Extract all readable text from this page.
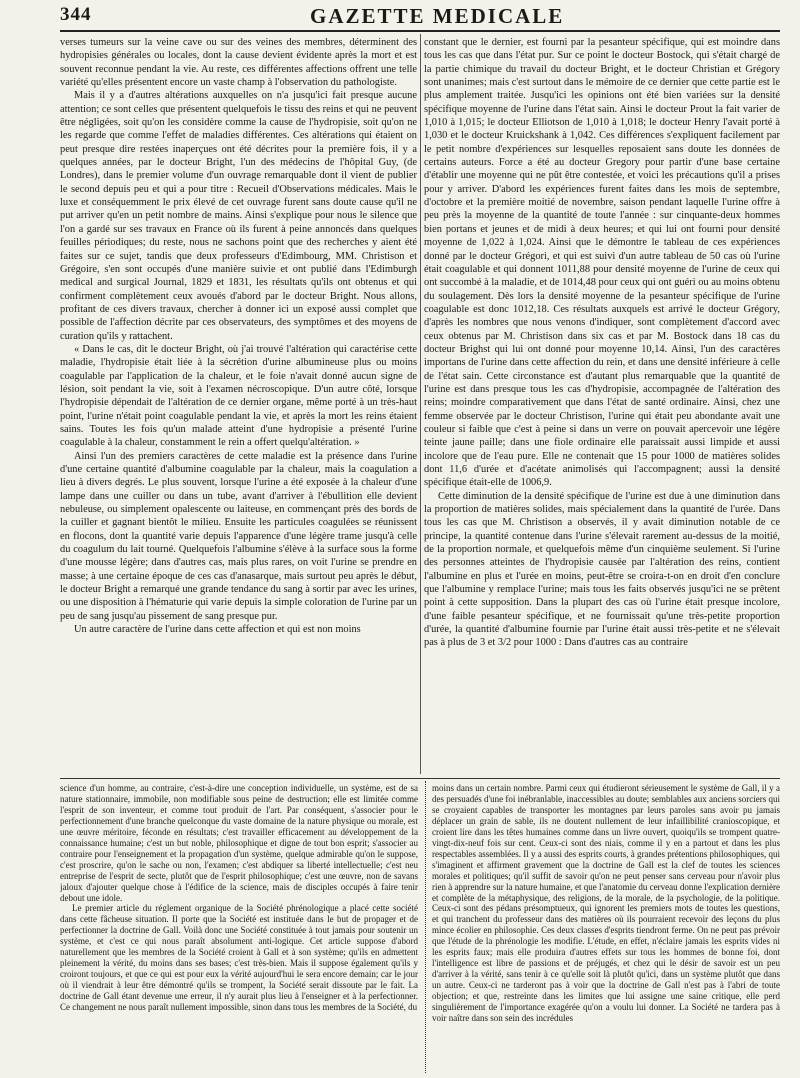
344	GAZETTE MEDICALE

verses tumeurs sur la veine cave ou sur des veines des membres, déterminent des hydropisies générales ou locales, dont la cause devient évidente après la mort et est souvent reconnue pendant la vie. Au reste, ces différentes affections offrent une telle variété qu'elles présentent encore un vaste champ à l'observation du pathologiste.

Mais il y a d'autres altérations auxquelles on n'a jusqu'ici fait presque aucune attention; ce sont celles que présentent quelquefois le tissu des reins et qui ne peuvent être négligées, soit qu'on les considère comme la cause de l'hydropisie, soit qu'on ne les regarde que comme l'effet de maladies différentes. Ces altérations qui étaient on peut presque dire restées inaperçues ont été décrites pour la première fois, il y a quelques années, par le docteur Bright, l'un des médecins de l'hôpital Guy, (de Londres), dans le premier volume d'un ouvrage remarquable dont il vient de publier le second depuis peu et qui a pour titre : Recueil d'Observations médicales. Mais le luxe et conséquemment le prix élevé de cet ouvrage furent sans doute cause qu'il ne put arriver qu'en un petit nombre de mains. Ainsi s'explique pour nous le silence que l'on a gardé sur ses travaux en France où ils furent à peine annoncés dans quelques feuilles périodiques; du reste, nous ne sachons point que des recherches y aient été faites sur ce sujet, tandis que deux professeurs d'Edimbourg, MM. Christison et Grégoire, s'en sont occupés d'une manière suivie et ont publié dans l'Edimburgh medical and surgical Journal, 1829 et 1831, les résultats qu'ils ont obtenus et qui confirment complètement ceux avoués d'abord par le docteur Bright. Nous allons, profitant de ces divers travaux, chercher à donner ici un exposé aussi complet que possible de l'affection décrite par ces observateurs, des symptômes et des moyens de curation qu'ils y rattachent.

« Dans le cas, dit le docteur Bright, où j'ai trouvé l'altération qui caractérise cette maladie, l'hydropisie était liée à la sécrétion d'urine albumineuse plus ou moins coagulable par l'application de la chaleur, et le foie n'avait donné aucun signe de lésion, soit pendant la vie, soit à l'examen nécroscopique. D'un autre côté, lorsque l'hydropisie dépendait de l'altération de ce dernier organe, même porté à un très-haut point, l'urine n'était point coagulable pendant la vie, et après la mort les reins étaient sains. Toutes les fois qu'un malade atteint d'une hydropisie a présenté l'urine coagulable à la chaleur, constamment le rein a offert quelqu'altération. »

Ainsi l'un des premiers caractères de cette maladie est la présence dans l'urine d'une certaine quantité d'albumine coagulable par la chaleur, mais la coagulation a lieu à divers degrés. Le plus souvent, lorsque l'urine a été exposée à la chaleur d'une lampe dans une cuiller ou dans un tube, avant d'arriver à l'ébullition elle devient nebuleuse, ou simplement opalescente ou laiteuse, en commençant près des bords de la cuiller et gagnant bientôt le milieu. Ensuite les particules coagulées se réunissent en flocons, dont la quantité varie depuis l'apparence d'une légère trame jusqu'à celle du coagulum du lait tourné. Quelquefois l'albumine s'élève à la surface sous la forme d'une mousse légère; dans d'autres cas, mais plus rares, on voit l'urine se prendre en masse; à une certaine époque de ces cas d'anasarque, mais surtout peu après le début, le docteur Bright a remarqué une grande tendance du sang à sortir par avec les urines, ou une disposition à l'hématurie qui varie depuis la simple coloration de l'urine par un peu de sang jusqu'au pissement de sang presque pur.

Un autre caractère de l'urine dans cette affection et qui est non moins

constant que le dernier, est fourni par la pesanteur spécifique, qui est moindre dans tous les cas que dans l'état pur. Sur ce point le docteur Bostock, qui s'était chargé de la partie chimique du travail du docteur Bright, et le docteur Christian et Grégory sont unanimes; mais c'est surtout dans le mémoire de ce dernier que cette partie est le plus amplement traitée. Jusqu'ici les opinions ont été bien variées sur la densité spécifique moyenne de l'urine dans l'état sain. Ainsi le docteur Prout la fait varier de 1,010 à 1,015; le docteur Elliotson de 1,010 à 1,018; le docteur Henry l'avait porté à 1,030 et le docteur Kruickshank à 1,042. Ces différences s'expliquent facilement par le petit nombre d'expériences sur lesquelles reposaient sans doute les données de certains auteurs. Force a été au docteur Gregory pour partir d'une base certaine d'établir une moyenne qui ne pût être contestée, et voici les précautions qu'il a prises pour y arriver. D'abord les expériences furent faites dans les mois de septembre, d'octobre et la première moitié de novembre, saison pendant laquelle l'urine offre à peu près la moyenne de la quantité de toute l'année : sur cinquante-deux hommes bien portans et jeunes et de midi à deux heures; et qui lui ont fourni pour densité moyenne de 1,022 à 1,024. Ainsi que le démontre le tableau de ces expériences donné par le docteur Grégori, et qui est suivi d'un autre tableau de 50 cas où l'urine était coagulable et qui donnent 1011,88 pour densité moyenne de l'urine de ceux qui ont succombé à la maladie, et de 1014,48 pour ceux qui ont guéri ou au moins obtenu du soulagement. Dès lors la densité moyenne de la pesanteur spécifique de l'urine coagulable est donc 1012,18. Ces résultats auxquels est arrivé le docteur Grégory, d'après les nombres que nous venons d'indiquer, sont complètement d'accord avec ceux obtenus par M. Christison dans six cas et par M. Bostock dans 18 cas du docteur Brighst qui lui ont donné pour moyenne 10,14. Ainsi, l'un des caractères importans de l'urine dans cette affection du rein, et dans une densité inférieure à celle de l'état sain. Cette circonstance est d'autant plus remarquable que la quantité de l'urine est dans presque tous les cas d'hydropisie, accompagnée de l'altération des reins; moindre comparativement que dans l'état de santé ordinaire. Ainsi, chez une femme observée par le docteur Christison, l'urine qui était peu abondante avait une couleur si faible que c'est à peine si dans un verre on pouvait apercevoir une légère teinte jaune paille; dans une fiole ordinaire elle paraissait aussi limpide et aussi incolore que de l'eau pure. Elle ne contenait que 15 pour 1000 de matières solides dont 11,6 d'urée et d'acétate animolisés qui l'accompagnent; aussi la densité spécifique était-elle de 1006,9.

Cette diminution de la densité spécifique de l'urine est due à une diminution dans la proportion de matières solides, mais spécialement dans la quantité de l'urée. Dans tous les cas que M. Christison a observés, il y avait diminution notable de ce principe, la quantité contenue dans l'urine s'élevait rarement au-dessus de la moitié, de la proportion normale, et quelquefois même d'un cinquième seulement. Si l'urine des personnes atteintes de l'hydropisie causée par l'altération des reins, contient l'albumine en plus et l'urée en moins, peut-être se croira-t-on en droit d'en conclure que l'albumine y remplace l'urine; mais tous les faits observés jusqu'ici ne se prêtent point à cette supposition. Dans la plupart des cas où l'urine était presque incolore, d'une faible pesanteur spécifique, et ne fournissait qu'une très-petite proportion d'urée, la quantité d'albumine fournie par l'urine était aussi très-petite et ne s'élevait pas à plus de 3 et 3/2 pour 1000 : Dans d'autres cas au contraire

science d'un homme, au contraire, c'est-à-dire une conception individuelle, un système, est de sa nature stationnaire, immobile, non modifiable sous peine de destruction; elle est limitée comme l'esprit de son inventeur, et comme tout produit de l'art. Par conséquent, s'associer pour le perfectionnement d'une branche quelconque du vaste domaine de la nature physique ou morale, est une œuvre méritoire, féconde en résultats; c'est travailler efficacement au développement de la connaissance humaine; c'est un but noble, philosophique et digne de tout bon esprit; s'associer au contraire pour l'enseignement et la propagation d'un système, quelque admirable qu'on le suppose, c'est proscrire, qu'on le sache ou non, l'examen; c'est abdiquer sa liberté intellectuelle; c'est neu entreprise de l'esprit de secte, plutôt que de l'esprit philosophique; c'est une œuvre, non de savans jaloux d'ajouter quelque chose à l'édifice de la science, mais de disciples occupés à faire tenir debout une idole.

Le premier article du réglement organique de la Société phrénologique a placé cette société dans cette fâcheuse situation. Il porte que la Société est instituée dans le but de propager et de perfectionner la doctrine de Gall. Voilà donc une Société constituée à tout jamais pour soutenir un système, et c'est ce qui nous paraît absolument anti-logique. Cet article suppose d'abord naturellement que les membres de la Société croient à Gall et à son système; qu'ils en admettent pleinement la vérité, du moins dans ses bases; c'est très-bien. Mais il suppose également qu'ils y croiront toujours, et que ce qui est pour eux la vérité aujourd'hui le sera encore demain; car le jour où il viendrait à leur être démontré qu'ils se trompent, la Société serait dissoute par le fait. La doctrine de Gall étant devenue une erreur, il n'y aurait plus lieu à l'enseigner et à la perfectionner. Ce changement ne nous paraît nullement impossible, sinon dans tous les membres de la Société, du

moins dans un certain nombre. Parmi ceux qui étudieront sérieusement le système de Gall, il y a des persuadés d'une foi inébranlable, inaccessibles au doute; semblables aux anciens sorciers qui se croyaient capables de transporter les montagnes par leurs paroles sans avoir pu jamais déplacer un grain de sable, ils ne doutent nullement de leur infaillibilité cranioscopique, et croient lire dans les têtes humaines comme dans un livre ouvert, quoiqu'ils se trompent quatre-vingt-dix-neuf fois sur cent. Ceux-ci sont des niais, comme il y en a partout et dans les plus respectables assemblées. Il y a aussi des esprits courts, à grandes prétentions philosophiques, qui s'imaginent et affirment gravement que la doctrine de Gall est la clef de toutes les sciences morales et politiques; qu'il suffit de savoir qu'on ne peut penser sans cerveau pour n'avoir plus rien à apprendre sur la nature humaine, et que l'anatomie du cerveau donne l'explication dernière et complète de la métaphysique, des religions, de la morale, de la psychologie, de la politique. Ceux-ci sont des pédans présomptueux, qui ignorent les premiers mots de toutes les questions, et qui tranchent du professeur dans des matières où ils pourraient recevoir des leçons du plus mince écolier en philosophie. Ces deux classes d'esprits tiendront ferme. On ne peut pas prévoir que l'étude de la phrénologie les modifie. L'étude, en effet, n'éclaire jamais les esprits vides ni les esprits faux; mais elle produira d'autres effets sur tous les hommes de bonne foi, dont l'intelligence est libre de passions et de préjugés, et chez qui le désir de savoir est un peu d'arriver à la vérité, sans tenir à ce qu'elle soit là plutôt qu'ici, dans un système plutôt que dans un autre. Ceux-ci ne tarderont pas à voir que la doctrine de Gall n'est pas à l'abri de toute objection; et que, restreinte dans les limites que lui assigne une saine critique, elle perd singulièrement de l'importance exagérée qu'on a voulu lui donner. La Société ne tardera pas à voir naître dans son sein des incrédules
